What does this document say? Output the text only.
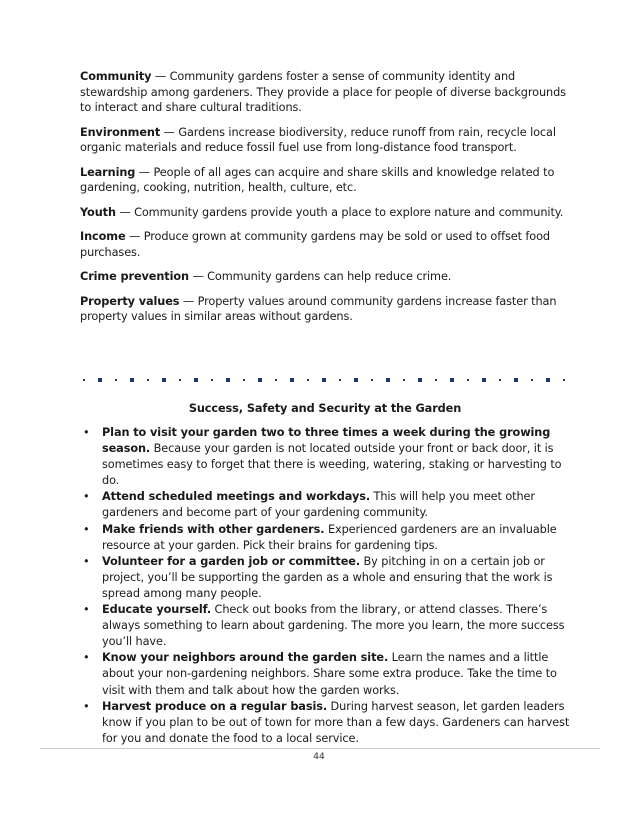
Community — Community gardens foster a sense of community identity and stewardship among gardeners. They provide a place for people of diverse backgrounds to interact and share cultural traditions.

Environment — Gardens increase biodiversity, reduce runoff from rain, recycle local organic materials and reduce fossil fuel use from long-distance food transport.

Learning — People of all ages can acquire and share skills and knowledge related to gardening, cooking, nutrition, health, culture, etc.

Youth — Community gardens provide youth a place to explore nature and community.

Income — Produce grown at community gardens may be sold or used to offset food purchases.

Crime prevention — Community gardens can help reduce crime.

Property values — Property values around community gardens increase faster than property values in similar areas without gardens.

Success, Safety and Security at the Garden
• Plan to visit your garden two to three times a week during the growing season. Because your garden is not located outside your front or back door, it is sometimes easy to forget that there is weeding, watering, staking or harvesting to do.
• Attend scheduled meetings and workdays. This will help you meet other gardeners and become part of your gardening community.
• Make friends with other gardeners. Experienced gardeners are an invaluable resource at your garden. Pick their brains for gardening tips.
• Volunteer for a garden job or committee. By pitching in on a certain job or project, you’ll be supporting the garden as a whole and ensuring that the work is spread among many people.
• Educate yourself. Check out books from the library, or attend classes. There’s always something to learn about gardening. The more you learn, the more success you’ll have.
• Know your neighbors around the garden site. Learn the names and a little about your non-gardening neighbors. Share some extra produce. Take the time to visit with them and talk about how the garden works.
• Harvest produce on a regular basis. During harvest season, let garden leaders know if you plan to be out of town for more than a few days. Gardeners can harvest for you and donate the food to a local service.
44
